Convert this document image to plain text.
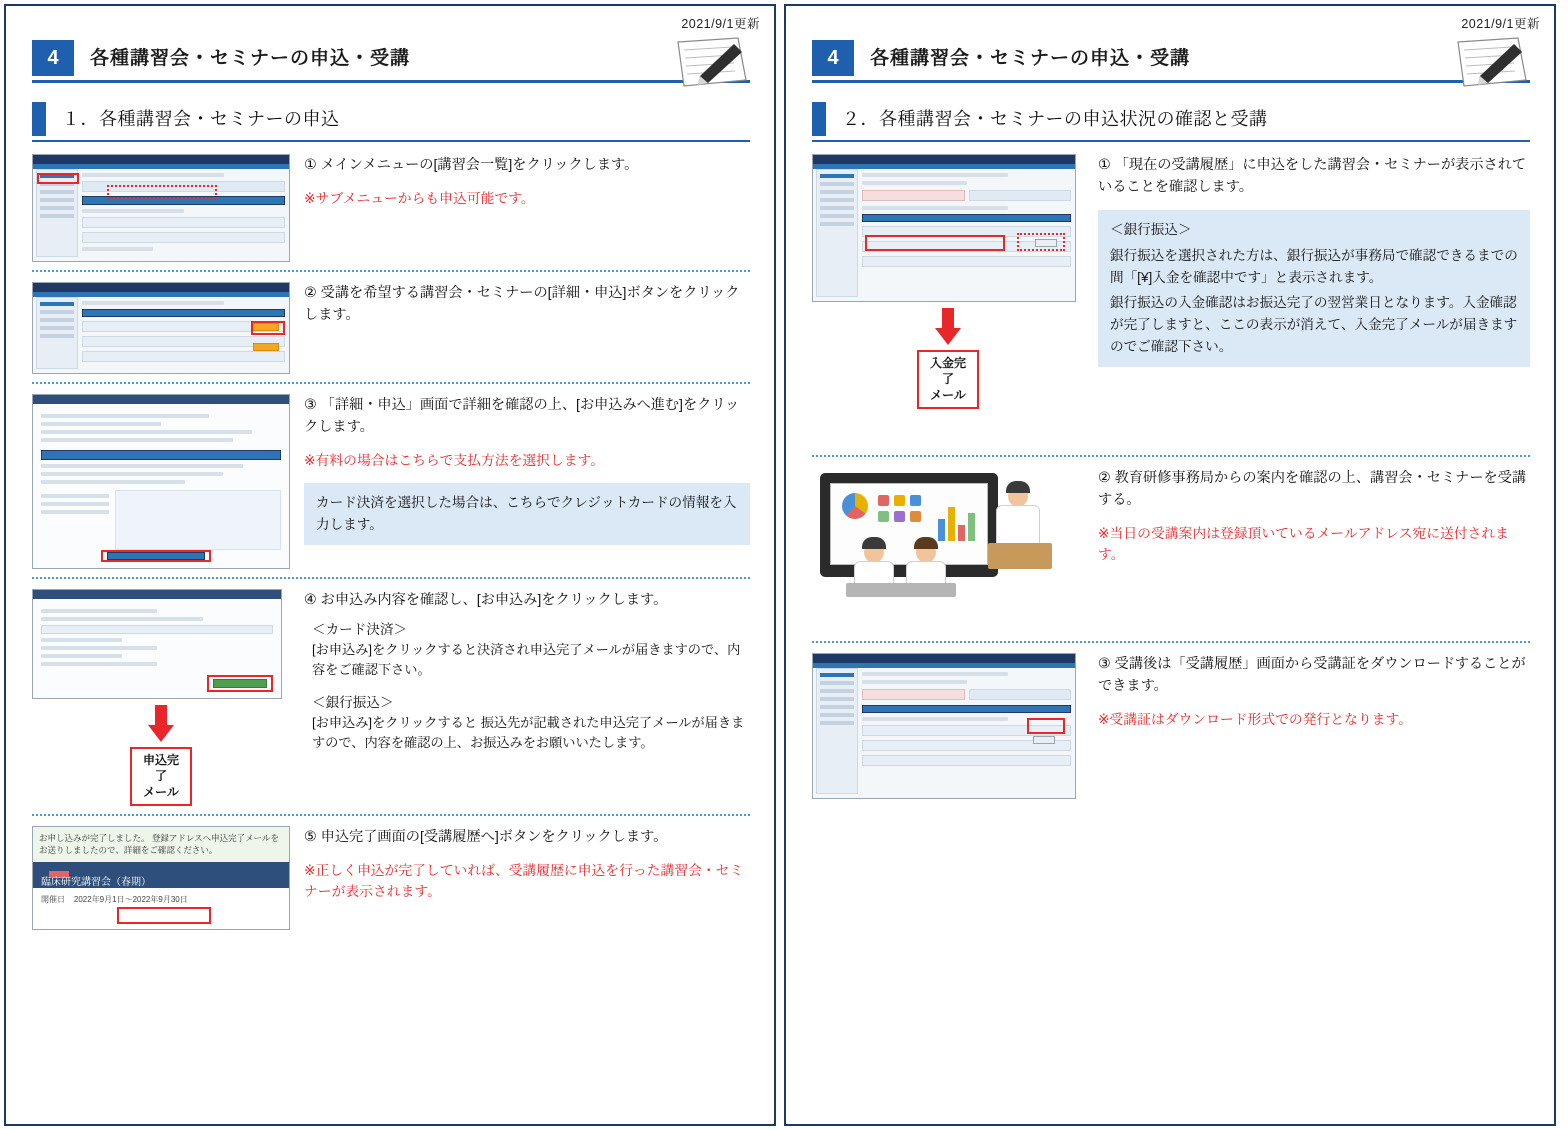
2021/9/1更新
4	各種講習会・セミナーの申込・受講
１．各種講習会・セミナーの申込
① メインメニューの[講習会一覧]をクリックします。
※サブメニューからも申込可能です。
② 受講を希望する講習会・セミナーの[詳細・申込]ボタンをクリックします。
③ 「詳細・申込」画面で詳細を確認の上、[お申込みへ進む]をクリックします。
※有料の場合はこちらで支払方法を選択します。
カード決済を選択した場合は、こちらでクレジットカードの情報を入力します。
申込完了
メール
④ お申込み内容を確認し、[お申込み]をクリックします。
＜カード決済＞
[お申込み]をクリックすると決済され申込完了メールが届きますので、内容をご確認下さい。
＜銀行振込＞
[お申込み]をクリックすると 振込先が記載された申込完了メールが届きますので、内容を確認の上、お振込みをお願いいたします。
お申し込みが完了しました。 登録アドレスへ申込完了メールをお送りしましたので、詳細をご確認ください。
臨床研究講習会（春期）
開催日 2022年9月1日～2022年9月30日
⑤ 申込完了画面の[受講履歴へ]ボタンをクリックします。
※正しく申込が完了していれば、受講履歴に申込を行った講習会・セミナーが表示されます。
2021/9/1更新
4	各種講習会・セミナーの申込・受講
２．各種講習会・セミナーの申込状況の確認と受講
入金完了
メール
① 「現在の受講履歴」に申込をした講習会・セミナーが表示されていることを確認します。
＜銀行振込＞
銀行振込を選択された方は、銀行振込が事務局で確認できるまでの間「[¥]入金を確認中です」と表示されます。
銀行振込の入金確認はお振込完了の翌営業日となります。入金確認が完了しますと、ここの表示が消えて、入金完了メールが届きますのでご確認下さい。
② 教育研修事務局からの案内を確認の上、講習会・セミナーを受講する。
※当日の受講案内は登録頂いているメールアドレス宛に送付されます。
③ 受講後は「受講履歴」画面から受講証をダウンロードすることができます。
※受講証はダウンロード形式での発行となります。
